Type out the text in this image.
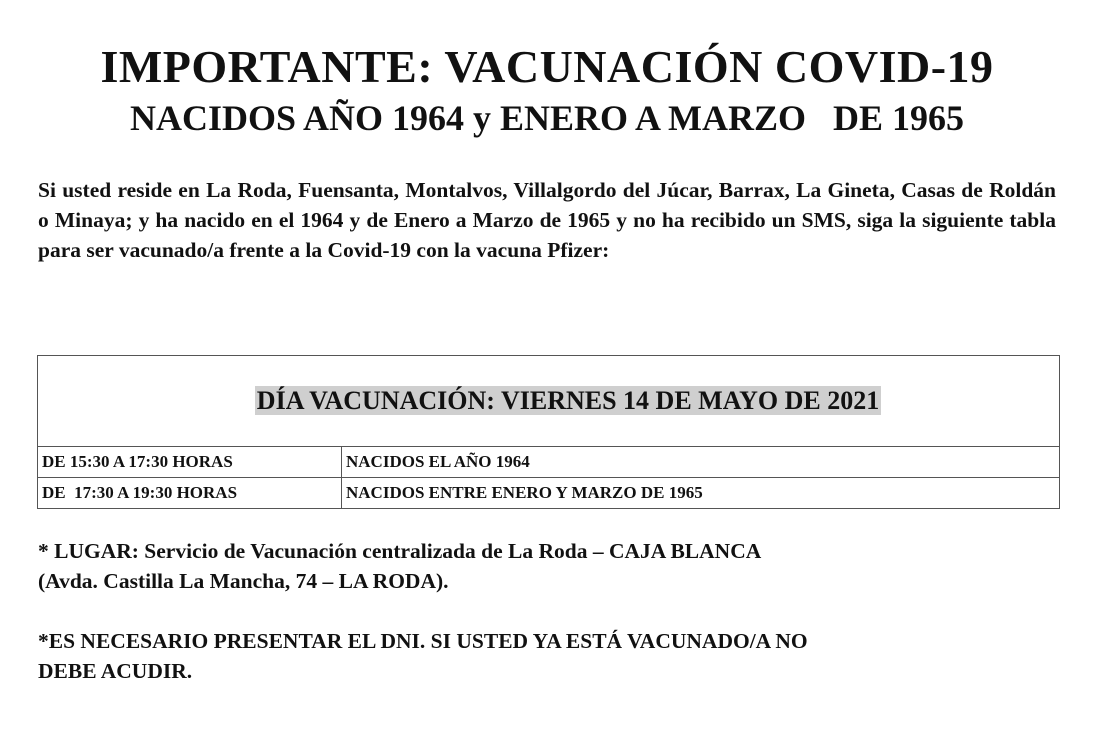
IMPORTANTE: VACUNACIÓN COVID-19
NACIDOS AÑO 1964 y ENERO A MARZO   DE 1965
Si usted reside en La Roda, Fuensanta, Montalvos, Villalgordo del Júcar, Barrax, La Gineta, Casas de Roldán o Minaya; y ha nacido en el 1964 y de Enero a Marzo de 1965 y no ha recibido un SMS, siga la siguiente tabla para ser vacunado/a frente a la Covid-19 con la vacuna Pfizer:

DÍA VACUNACIÓN: VIERNES 14 DE MAYO DE 2021	

DE 15:30 A 17:30 HORAS	NACIDOS EL AÑO 1964
DE  17:30 A 19:30 HORAS	NACIDOS ENTRE ENERO Y MARZO DE 1965
* LUGAR: Servicio de Vacunación centralizada de La Roda – CAJA BLANCA
(Avda. Castilla La Mancha, 74 – LA RODA).
*ES NECESARIO PRESENTAR EL DNI. SI USTED YA ESTÁ VACUNADO/A NO
DEBE ACUDIR.
